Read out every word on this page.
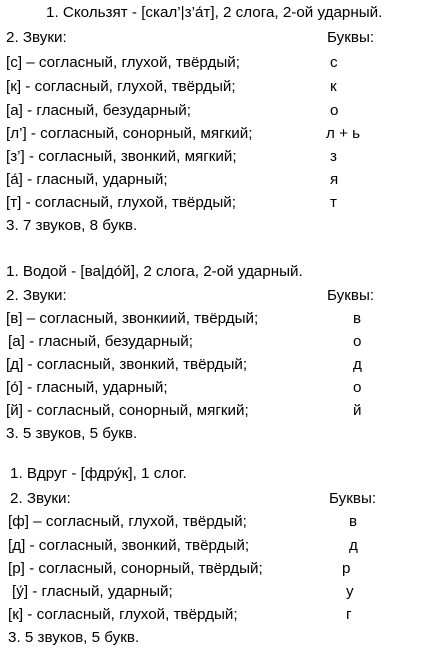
1. Скользят - [скал’|з’а́т], 2 слога, 2-ой ударный.
2. Звуки:	Буквы:
[с] – согласный, глухой, твёрдый;	с
[к] - согласный, глухой, твёрдый;	к
[а] - гласный, безударный;	о
[л’] - согласный, сонорный, мягкий;	л + ь
[з’] - согласный, звонкий, мягкий;	з
[а́] - гласный, ударный;	я
[т] - согласный, глухой, твёрдый;	т
3. 7 звуков, 8 букв.
1. Водой - [ва|до́й], 2 слога, 2-ой ударный.
2. Звуки:	Буквы:
[в] – согласный, звонкиий, твёрдый;	в
[а] - гласный, безударный;	о
[д] - согласный, звонкий, твёрдый;	д
[о́] - гласный, ударный;	о
[й] - согласный, сонорный, мягкий;	й
3. 5 звуков, 5 букв.
1. Вдруг - [фдру́к], 1 слог.
2. Звуки:	Буквы:
[ф] – согласный, глухой, твёрдый;	в
[д] - согласный, звонкий, твёрдый;	д
[р] - согласный, сонорный, твёрдый;	р
[у́] - гласный, ударный;	у
[к] - согласный, глухой, твёрдый;	г
3. 5 звуков, 5 букв.
